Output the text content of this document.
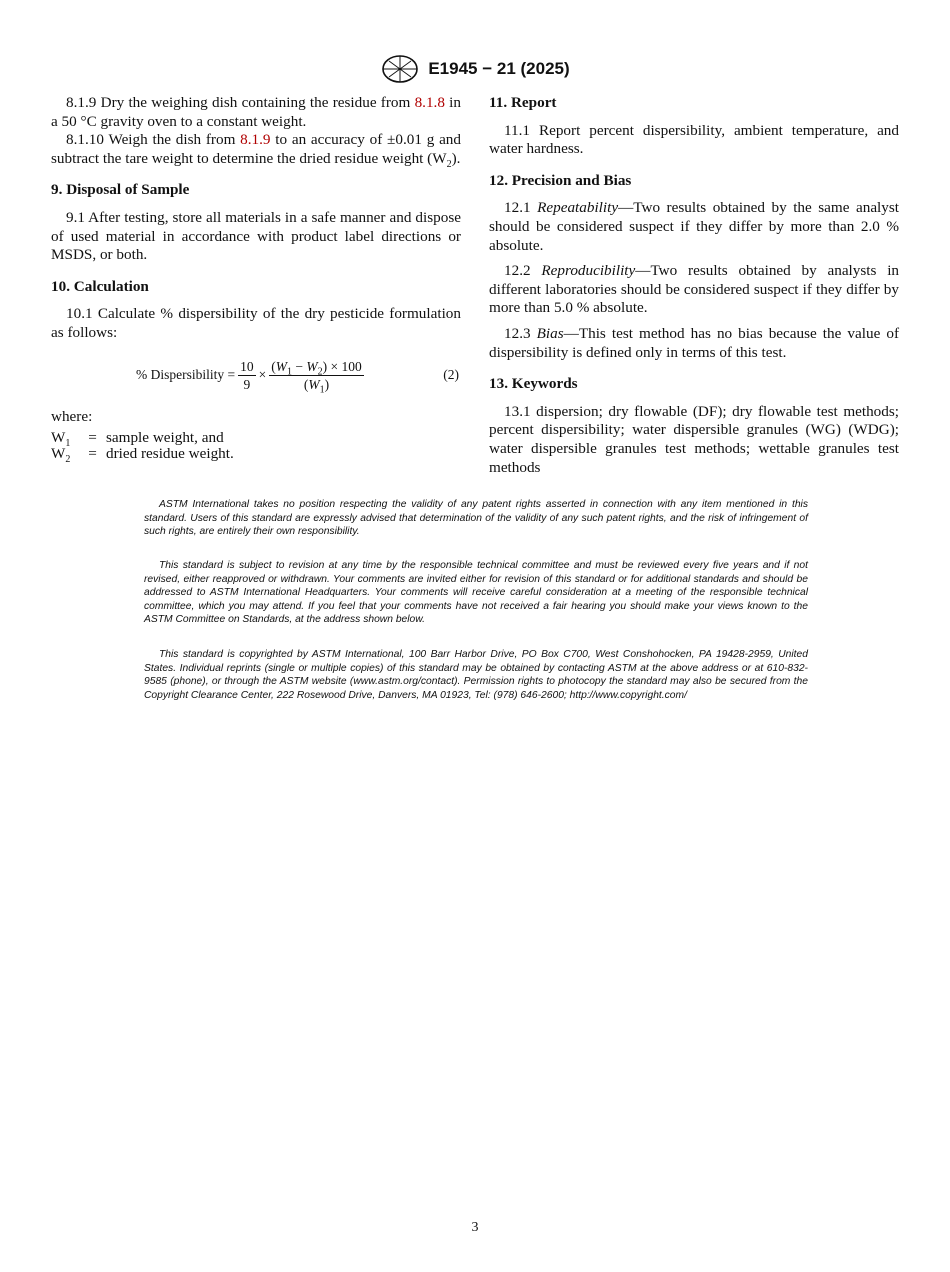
E1945 − 21 (2025)

8.1.9 Dry the weighing dish containing the residue from 8.1.8 in a 50 °C gravity oven to a constant weight.

8.1.10 Weigh the dish from 8.1.9 to an accuracy of ±0.01 g and subtract the tare weight to determine the dried residue weight $(W_2)$.

9. Disposal of Sample

9.1 After testing, store all materials in a safe manner and dispose of used material in accordance with product label directions or MSDS, or both.

10. Calculation

10.1 Calculate % dispersibility of the dry pesticide formulation as follows:

% Dispersibility = $\frac{10}{9} \times \frac{(W_1 - W_2) \times 100}{(W_1)}$	(2)

where:

$W_1$	= sample weight, and
$W_2$	= dried residue weight.

11. Report

11.1 Report percent dispersibility, ambient temperature, and water hardness.

12. Precision and Bias

12.1 Repeatability—Two results obtained by the same analyst should be considered suspect if they differ by more than 2.0 % absolute.

12.2 Reproducibility—Two results obtained by analysts in different laboratories should be considered suspect if they differ by more than 5.0 % absolute.

12.3 Bias—This test method has no bias because the value of dispersibility is defined only in terms of this test.

13. Keywords

13.1 dispersion; dry flowable (DF); dry flowable test methods; percent dispersibility; water dispersible granules (WG) (WDG); water dispersible granules test methods; wettable granules test methods

ASTM International takes no position respecting the validity of any patent rights asserted in connection with any item mentioned in this standard. Users of this standard are expressly advised that determination of the validity of any such patent rights, and the risk of infringement of such rights, are entirely their own responsibility.

This standard is subject to revision at any time by the responsible technical committee and must be reviewed every five years and if not revised, either reapproved or withdrawn. Your comments are invited either for revision of this standard or for additional standards and should be addressed to ASTM International Headquarters. Your comments will receive careful consideration at a meeting of the responsible technical committee, which you may attend. If you feel that your comments have not received a fair hearing you should make your views known to the ASTM Committee on Standards, at the address shown below.

This standard is copyrighted by ASTM International, 100 Barr Harbor Drive, PO Box C700, West Conshohocken, PA 19428-2959, United States. Individual reprints (single or multiple copies) of this standard may be obtained by contacting ASTM at the above address or at 610-832-9585 (phone), or through the ASTM website (www.astm.org/contact). Permission rights to photocopy the standard may also be secured from the Copyright Clearance Center, 222 Rosewood Drive, Danvers, MA 01923, Tel: (978) 646-2600; http://www.copyright.com/

3
